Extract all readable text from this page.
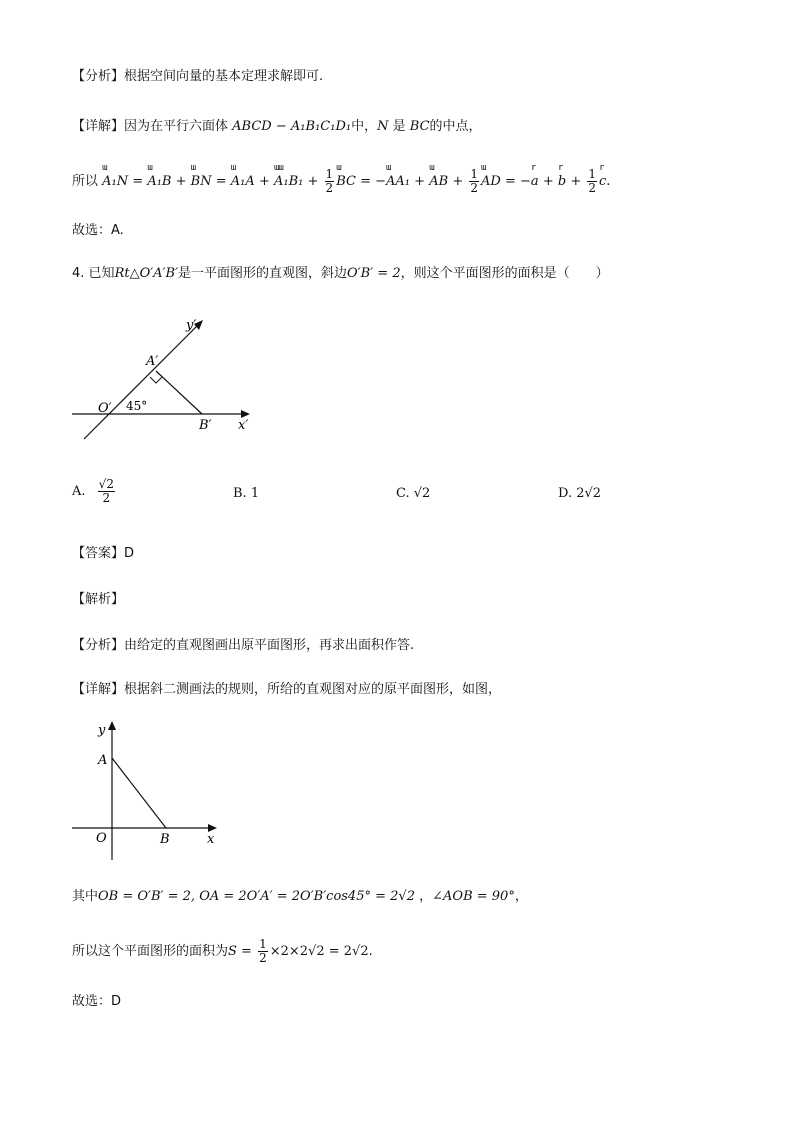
【分析】根据空间向量的基本定理求解即可.
【详解】因为在平行六面体 ABCD − A₁B₁C₁D₁中，N 是 BC的中点，
所以
ɯ
A₁N =
ɯ
A₁B +
ɯ
BN =
ɯ
A₁A +
ɯɯ
$A_1B_1 + \frac{1}{2}$ ɯ
BC = −
ɯ
AA₁ +
ɯ
AB + $\frac{1}{2}$ ɯ
AD = −
r
a +
r
$b + \frac{1}{2}$ r
c.
故选：A.
4. 已知Rt△O′A′B′是一平面图形的直观图，斜边O′B′ = 2，则这个平面图形的面积是（　　）
y′
A′
O′ 45°
B′ x′
A. $\frac{√2}{2}$	B. 1	C. √2	D. 2√2
【答案】D
【解析】
【分析】由给定的直观图画出原平面图形，再求出面积作答.
【详解】根据斜二测画法的规则，所给的直观图对应的原平面图形，如图，
y
A
O	B	x
其中OB = O′B′ = 2, OA = 2O′A′ = 2O′B′cos45° = 2√2 ，∠AOB = 90°，
所以这个平面图形的面积为$S = \frac{1}{2} \times 2\times 2√2 = 2√2$.
故选：D
